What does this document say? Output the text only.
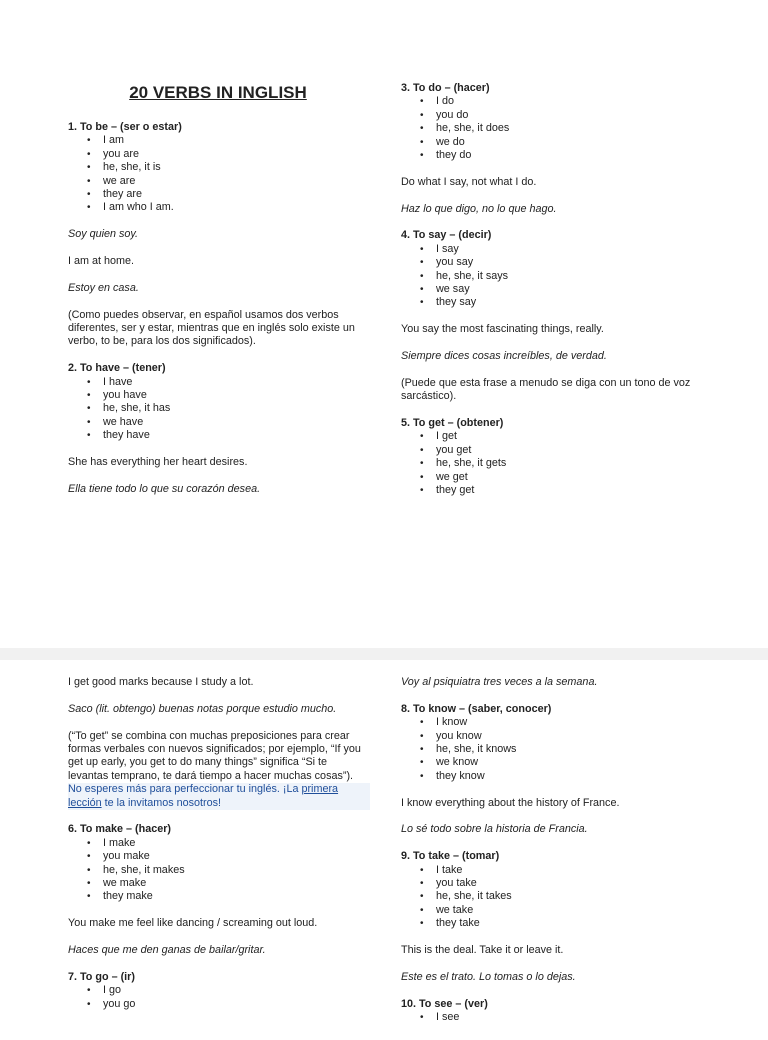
20 VERBS IN INGLISH

1. To be – (ser o estar)

• I am
• you are
• he, she, it is
• we are
• they are
• I am who I am.

Soy quien soy.

I am at home.

Estoy en casa.

(Como puedes observar, en español usamos dos verbos diferentes, ser y estar, mientras que en inglés solo existe un verbo, to be, para los dos significados).

2. To have – (tener)

• I have
• you have
• he, she, it has
• we have
• they have

She has everything her heart desires.

Ella tiene todo lo que su corazón desea.

3. To do – (hacer)

• I do
• you do
• he, she, it does
• we do
• they do

Do what I say, not what I do.

Haz lo que digo, no lo que hago.

4. To say – (decir)

• I say
• you say
• he, she, it says
• we say
• they say

You say the most fascinating things, really.

Siempre dices cosas increíbles, de verdad.

(Puede que esta frase a menudo se diga con un tono de voz sarcástico).

5. To get – (obtener)

• I get
• you get
• he, she, it gets
• we get
• they get

I get good marks because I study a lot.

Saco (lit. obtengo) buenas notas porque estudio mucho.

(“To get” se combina con muchas preposiciones para crear formas verbales con nuevos significados; por ejemplo, “If you get up early, you get to do many things” significa “Si te levantas temprano, te dará tiempo a hacer muchas cosas”).

No esperes más para perfeccionar tu inglés. ¡La primera lección te la invitamos nosotros!

6. To make – (hacer)

• I make
• you make
• he, she, it makes
• we make
• they make

You make me feel like dancing / screaming out loud.

Haces que me den ganas de bailar/gritar.

7. To go – (ir)

• I go
• you go

Voy al psiquiatra tres veces a la semana.

8. To know – (saber, conocer)

• I know
• you know
• he, she, it knows
• we know
• they know

I know everything about the history of France.

Lo sé todo sobre la historia de Francia.

9. To take – (tomar)

• I take
• you take
• he, she, it takes
• we take
• they take

This is the deal. Take it or leave it.

Este es el trato. Lo tomas o lo dejas.

10. To see – (ver)

• I see
